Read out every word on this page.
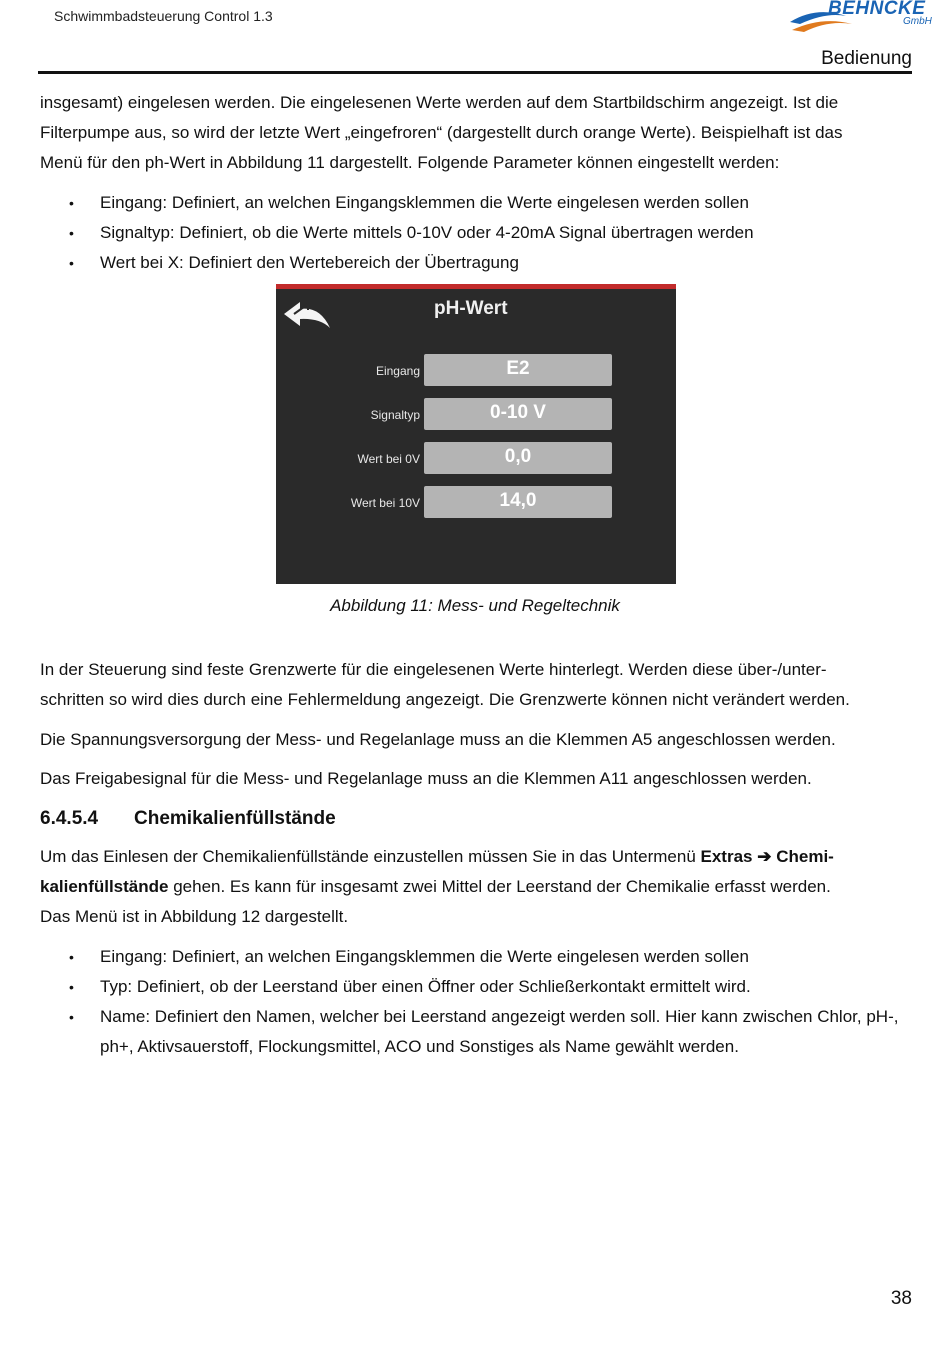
Schwimmbadsteuerung Control 1.3	BEHNCKE
GmbH
Bedienung
insgesamt) eingelesen werden. Die eingelesenen Werte werden auf dem Startbildschirm angezeigt. Ist die
Filterpumpe aus, so wird der letzte Wert „eingefroren“ (dargestellt durch orange Werte). Beispielhaft ist das
Menü für den ph-Wert in Abbildung 11 dargestellt. Folgende Parameter können eingestellt werden:
• Eingang: Definiert, an welchen Eingangsklemmen die Werte eingelesen werden sollen
• Signaltyp: Definiert, ob die Werte mittels 0-10V oder 4-20mA Signal übertragen werden
• Wert bei X: Definiert den Wertebereich der Übertragung
pH-Wert
Eingang	E2
Signaltyp	0-10 V
Wert bei 0V	0,0
Wert bei 10V	14,0
Abbildung 11: Mess- und Regeltechnik
In der Steuerung sind feste Grenzwerte für die eingelesenen Werte hinterlegt. Werden diese über-/unter-
schritten so wird dies durch eine Fehlermeldung angezeigt. Die Grenzwerte können nicht verändert werden.
Die Spannungsversorgung der Mess- und Regelanlage muss an die Klemmen A5 angeschlossen werden.
Das Freigabesignal für die Mess- und Regelanlage muss an die Klemmen A11 angeschlossen werden.
6.4.5.4 Chemikalienfüllstände
Um das Einlesen der Chemikalienfüllstände einzustellen müssen Sie in das Untermenü Extras ➔ Chemi-
kalienfüllstände gehen. Es kann für insgesamt zwei Mittel der Leerstand der Chemikalie erfasst werden.
Das Menü ist in Abbildung 12 dargestellt.
• Eingang: Definiert, an welchen Eingangsklemmen die Werte eingelesen werden sollen
• Typ: Definiert, ob der Leerstand über einen Öffner oder Schließerkontakt ermittelt wird.
• Name: Definiert den Namen, welcher bei Leerstand angezeigt werden soll. Hier kann zwischen Chlor, pH-, ph+, Aktivsauerstoff, Flockungsmittel, ACO und Sonstiges als Name gewählt werden.
38
